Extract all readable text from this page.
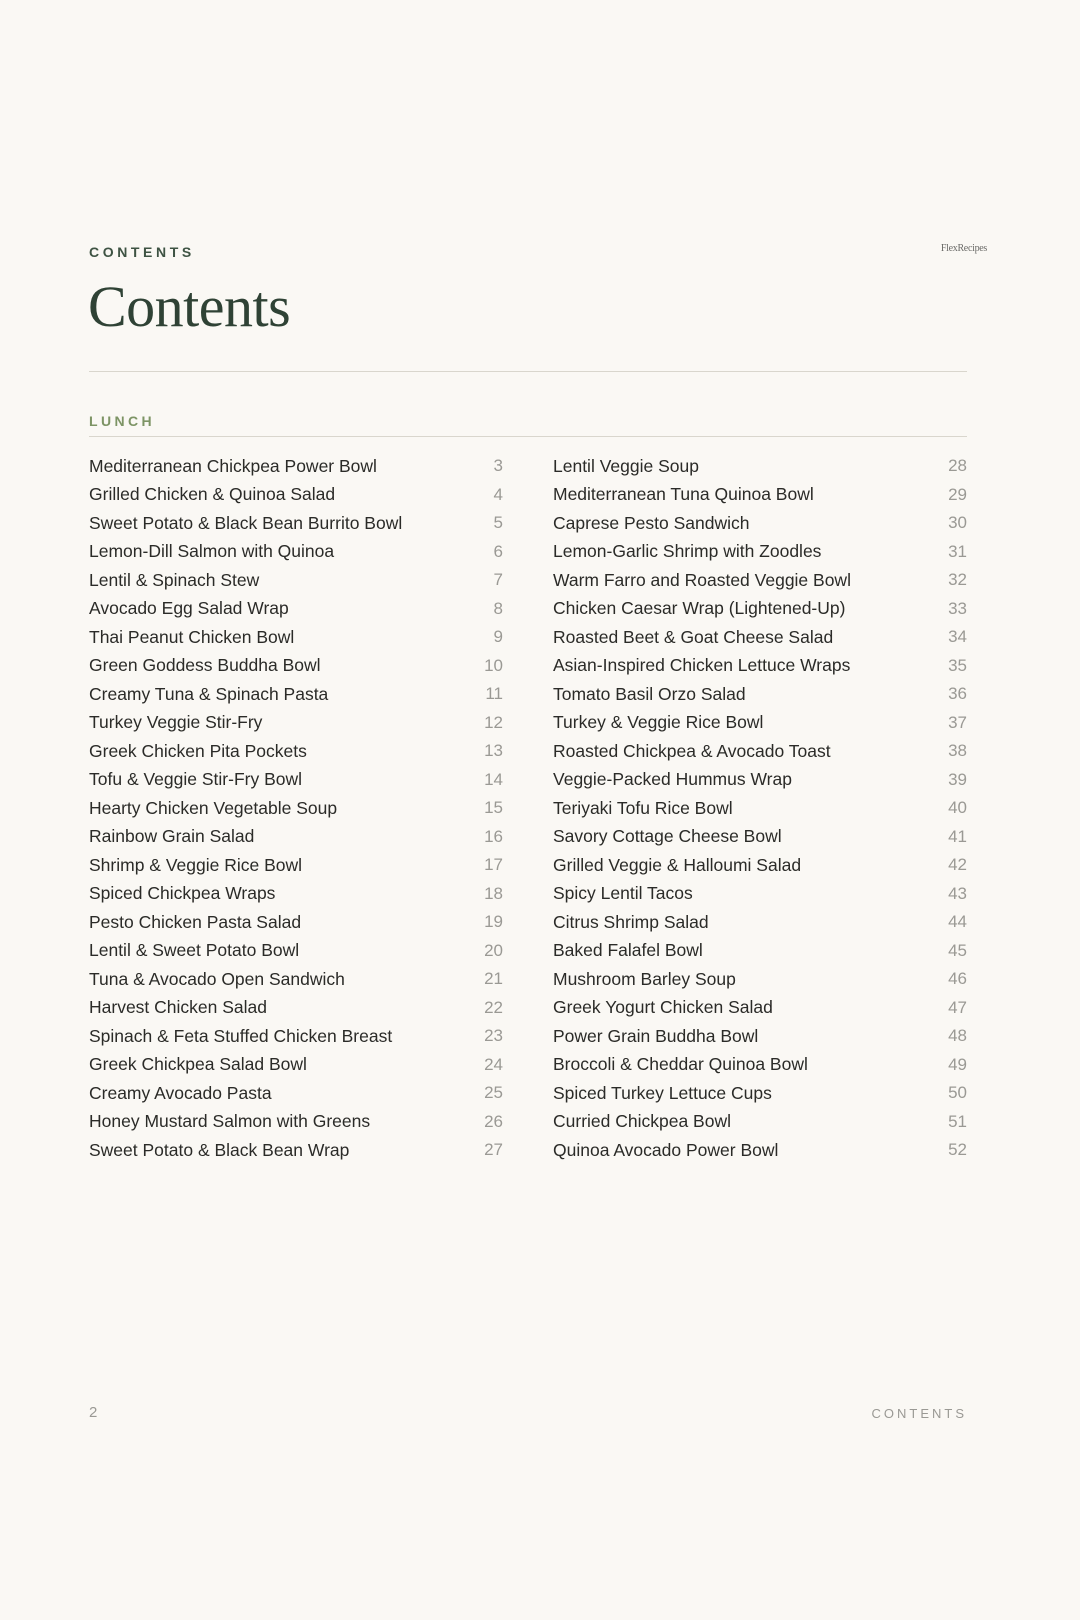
CONTENTS	FlexRecipes
Contents
LUNCH
Mediterranean Chickpea Power Bowl	3
Grilled Chicken & Quinoa Salad	4
Sweet Potato & Black Bean Burrito Bowl	5
Lemon-Dill Salmon with Quinoa	6
Lentil & Spinach Stew	7
Avocado Egg Salad Wrap	8
Thai Peanut Chicken Bowl	9
Green Goddess Buddha Bowl	10
Creamy Tuna & Spinach Pasta	11
Turkey Veggie Stir-Fry	12
Greek Chicken Pita Pockets	13
Tofu & Veggie Stir-Fry Bowl	14
Hearty Chicken Vegetable Soup	15
Rainbow Grain Salad	16
Shrimp & Veggie Rice Bowl	17
Spiced Chickpea Wraps	18
Pesto Chicken Pasta Salad	19
Lentil & Sweet Potato Bowl	20
Tuna & Avocado Open Sandwich	21
Harvest Chicken Salad	22
Spinach & Feta Stuffed Chicken Breast	23
Greek Chickpea Salad Bowl	24
Creamy Avocado Pasta	25
Honey Mustard Salmon with Greens	26
Sweet Potato & Black Bean Wrap	27
Lentil Veggie Soup	28
Mediterranean Tuna Quinoa Bowl	29
Caprese Pesto Sandwich	30
Lemon-Garlic Shrimp with Zoodles	31
Warm Farro and Roasted Veggie Bowl	32
Chicken Caesar Wrap (Lightened-Up)	33
Roasted Beet & Goat Cheese Salad	34
Asian-Inspired Chicken Lettuce Wraps	35
Tomato Basil Orzo Salad	36
Turkey & Veggie Rice Bowl	37
Roasted Chickpea & Avocado Toast	38
Veggie-Packed Hummus Wrap	39
Teriyaki Tofu Rice Bowl	40
Savory Cottage Cheese Bowl	41
Grilled Veggie & Halloumi Salad	42
Spicy Lentil Tacos	43
Citrus Shrimp Salad	44
Baked Falafel Bowl	45
Mushroom Barley Soup	46
Greek Yogurt Chicken Salad	47
Power Grain Buddha Bowl	48
Broccoli & Cheddar Quinoa Bowl	49
Spiced Turkey Lettuce Cups	50
Curried Chickpea Bowl	51
Quinoa Avocado Power Bowl	52
2	CONTENTS
